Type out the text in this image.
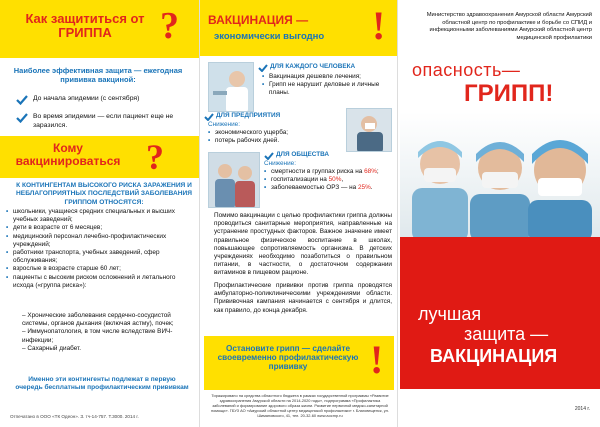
Как защититься от ГРИППА	?
Наиболее эффективная защита — ежегодная прививка вакциной:
До начала эпидемии (с сентября)
Во время эпидемии — если пациент еще не заразился.
Кому вакцинироваться ?
К КОНТИНГЕНТАМ ВЫСОКОГО РИСКА ЗАРАЖЕНИЯ И НЕБЛАГОПРИЯТНЫХ ПОСЛЕДСТВИЙ ЗАБОЛЕВАНИЯ ГРИППОМ ОТНОСЯТСЯ:
• школьники, учащиеся средних специальных и высших учебных заведений;
• дети в возрасте от 6 месяцев;
• медицинский персонал лечебно-профилактических учреждений;
• работники транспорта, учебных заведений, сфер обслуживания;
• взрослые в возрасте старше 60 лет;
• пациенты с высоким риском осложнений и летального исхода («группа риска»):
– Хронические заболевания сердечно-сосудистой системы, органов дыхания (включая астму), почек;
– Иммунопатология, в том числе вследствие ВИЧ-инфекции;
– Сахарный диабет.
Именно эти контингенты подлежат в первую очередь бесплатным профилактическим прививкам
Отпечатано в ООО «ТК Одеон». З. тч-14-757. Т.3000. 2014 г.
ВАКЦИНАЦИЯ —
экономически выгодно	!
ДЛЯ КАЖДОГО ЧЕЛОВЕКА
• Вакцинация дешевле лечения;
• Грипп не нарушит деловые и личные планы.
ДЛЯ ПРЕДПРИЯТИЯ
Снижение:
• экономического ущерба;
• потерь рабочих дней.
ДЛЯ ОБЩЕСТВА
Снижение:
• смертности в группах риска на 68%;
• госпитализации на 50%,
• заболеваемостью ОРЗ — на 25%.
Помимо вакцинации с целью профилактики гриппа должны проводиться санитарные мероприятия, направленные на устранение простудных факторов. Важное значение имеет правильное физическое воспитание в школах, повышающее сопротивляемость организма. В детских учреждениях необходимо позаботиться о правильном питании, в частности, о достаточном содержании витаминов в пищевом рационе.
Профилактические прививки против гриппа проводятся амбулаторно-поликлиническими учреждениями области. Прививочная кампания начинается с сентября и длится, как правило, до конца декабря.
Остановите грипп — сделайте своевременно профилактическую прививку	!
Тиражировано на средства областного бюджета в рамках государственной программы «Развитие здравоохранения Амурской области на 2014-2020 годы», подпрограмма «Профилактика заболеваний и формирование здорового образа жизни. Развитие первичной медико-санитарной помощи». ГБУЗ АО «Амурский областной центр медицинской профилактики» г. Благовещенск, ул. Шимановского, 41, тел. 20-32-60 www.aocmp.ru
Министерство здравоохранения Амурской области Амурский областной центр по профилактике и борьбе со СПИД и инфекционными заболеваниями Амурский областной центр медицинской профилактики
опасность—
ГРИПП!
лучшая
защита —
ВАКЦИНАЦИЯ
2014 г.
